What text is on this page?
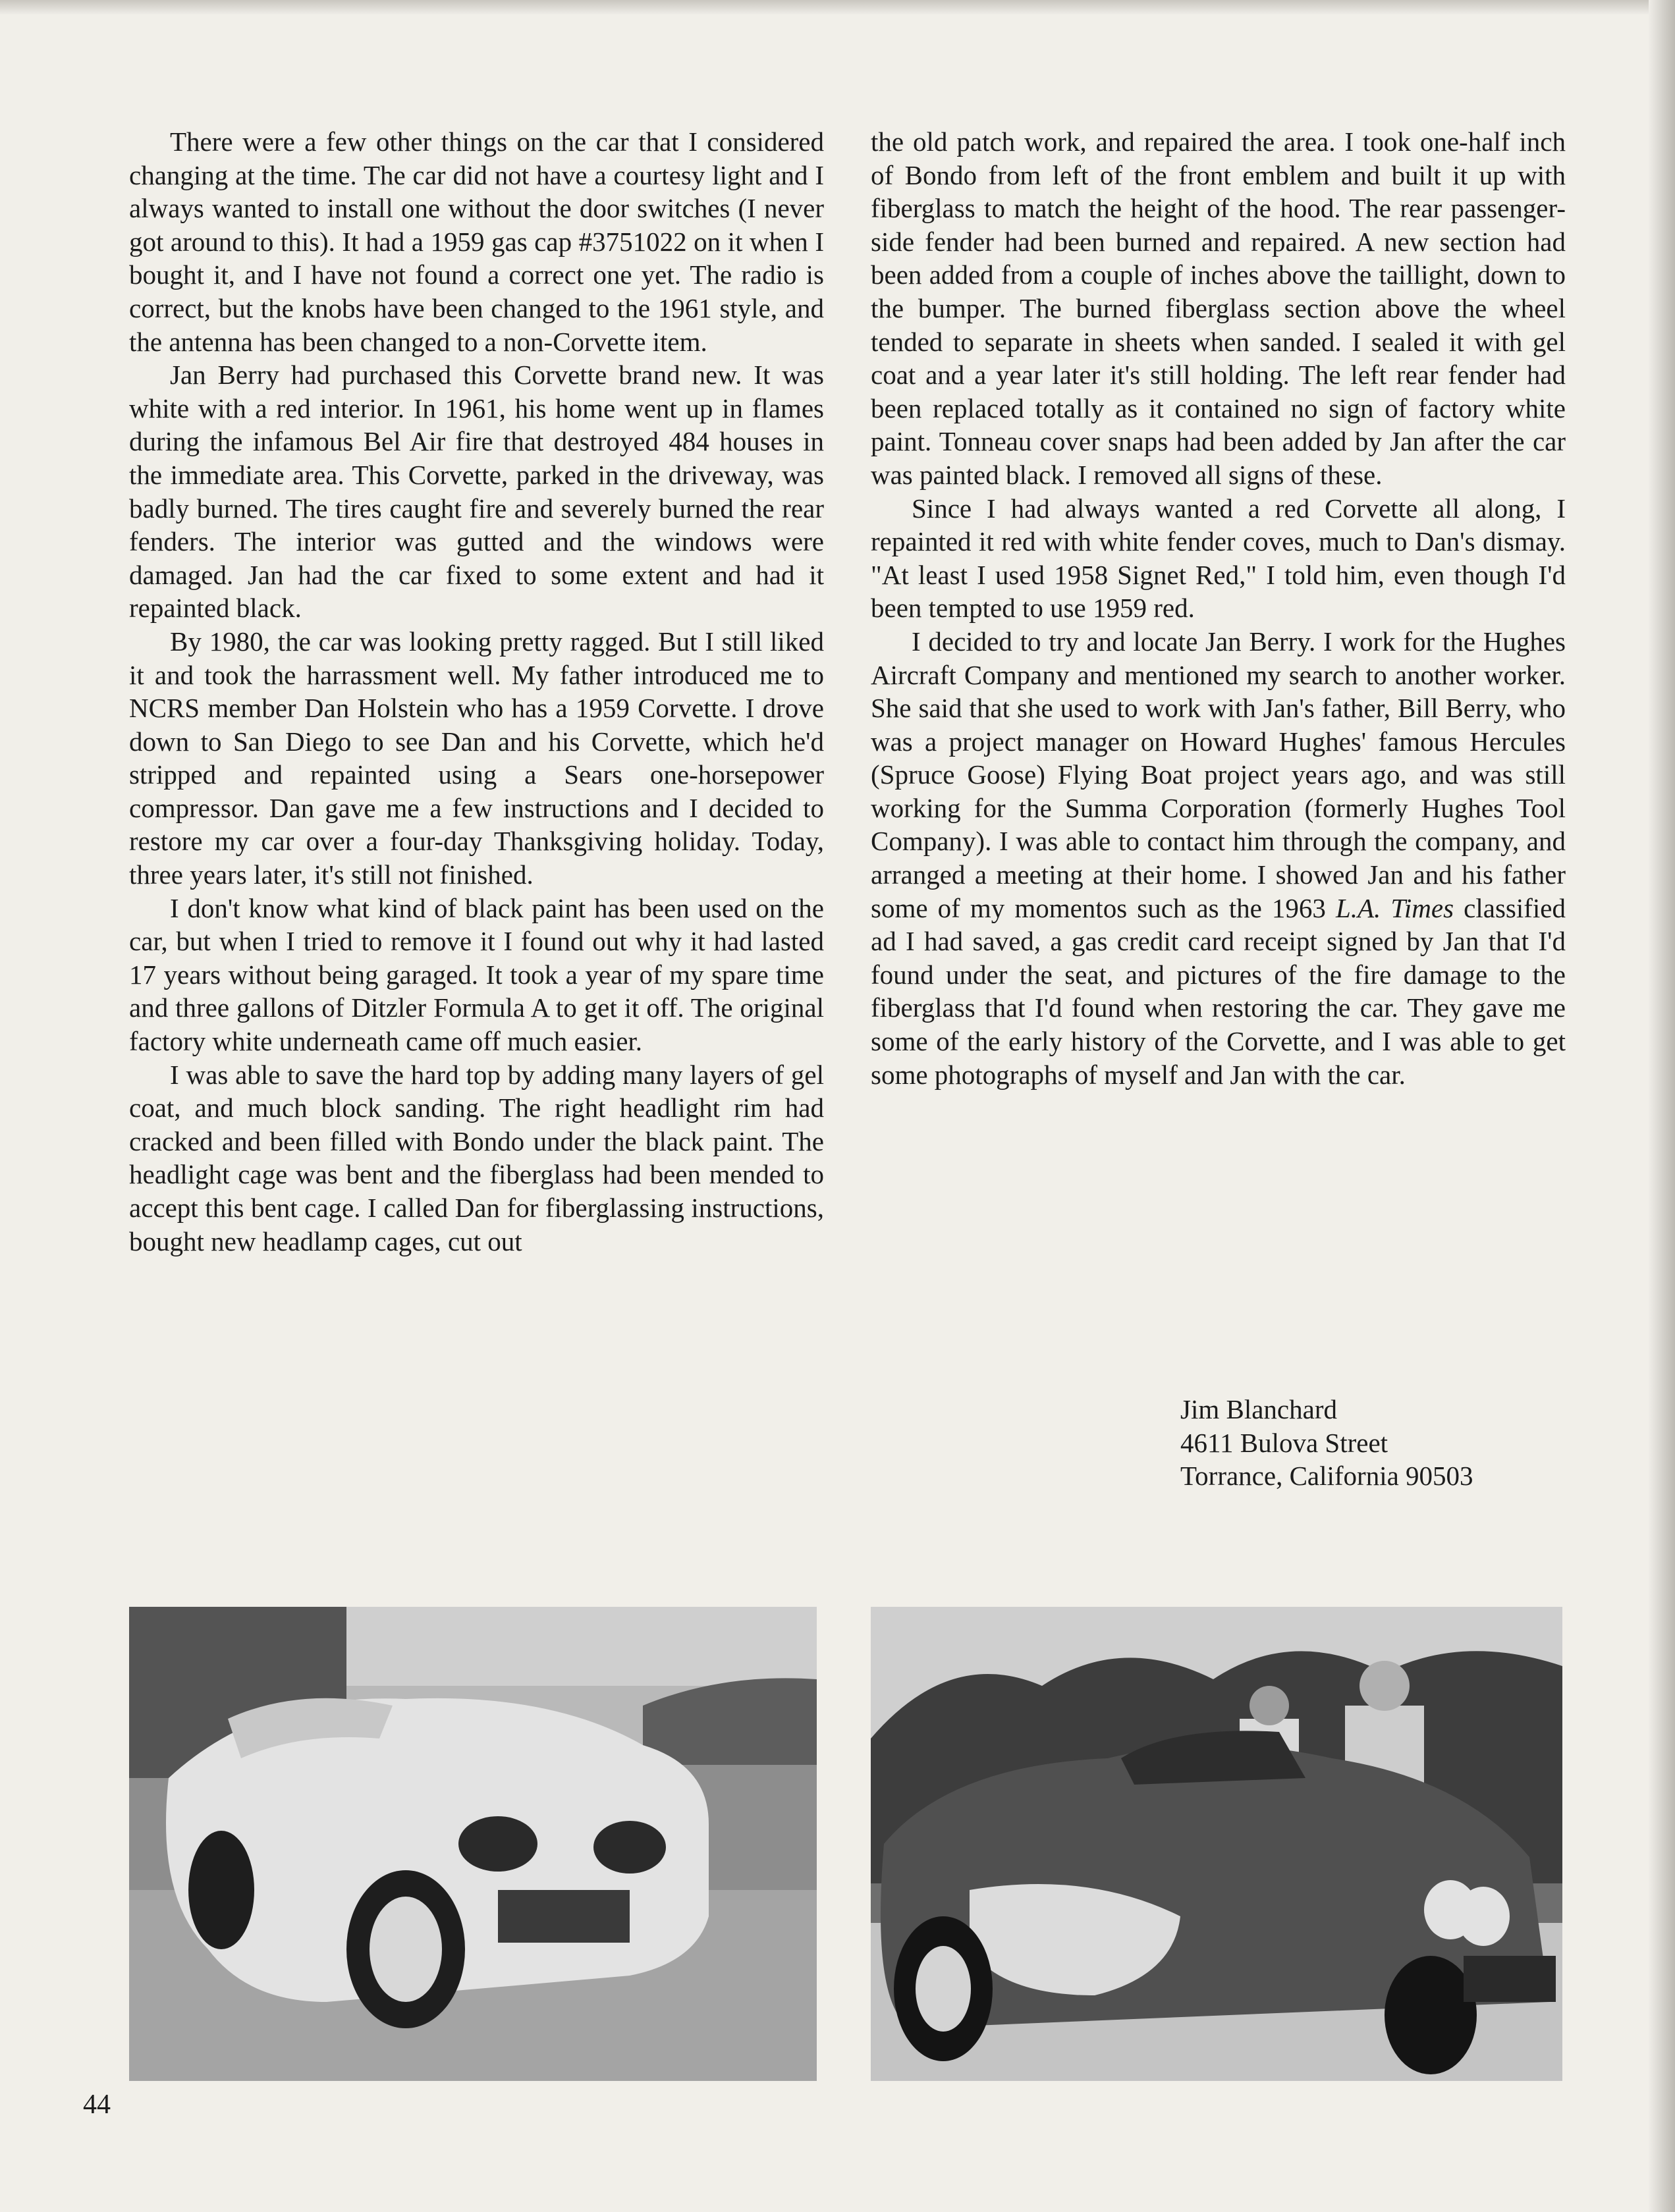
There were a few other things on the car that I considered changing at the time. The car did not have a courtesy light and I always wanted to install one without the door switches (I never got around to this). It had a 1959 gas cap #3751022 on it when I bought it, and I have not found a correct one yet. The radio is correct, but the knobs have been changed to the 1961 style, and the antenna has been changed to a non-Corvette item.

Jan Berry had purchased this Corvette brand new. It was white with a red interior. In 1961, his home went up in flames during the infamous Bel Air fire that destroyed 484 houses in the immediate area. This Corvette, parked in the driveway, was badly burned. The tires caught fire and severely burned the rear fenders. The interior was gutted and the windows were damaged. Jan had the car fixed to some extent and had it repainted black.

By 1980, the car was looking pretty ragged. But I still liked it and took the harrassment well. My father introduced me to NCRS member Dan Holstein who has a 1959 Corvette. I drove down to San Diego to see Dan and his Corvette, which he'd stripped and repainted using a Sears one-horsepower compressor. Dan gave me a few instructions and I decided to restore my car over a four-day Thanksgiving holiday. Today, three years later, it's still not finished.

I don't know what kind of black paint has been used on the car, but when I tried to remove it I found out why it had lasted 17 years without being garaged. It took a year of my spare time and three gallons of Ditzler Formula A to get it off. The original factory white underneath came off much easier.

I was able to save the hard top by adding many layers of gel coat, and much block sanding. The right headlight rim had cracked and been filled with Bondo under the black paint. The headlight cage was bent and the fiberglass had been mended to accept this bent cage. I called Dan for fiberglassing instructions, bought new headlamp cages, cut out

the old patch work, and repaired the area. I took one-half inch of Bondo from left of the front emblem and built it up with fiberglass to match the height of the hood. The rear passenger-side fender had been burned and repaired. A new section had been added from a couple of inches above the taillight, down to the bumper. The burned fiberglass section above the wheel tended to separate in sheets when sanded. I sealed it with gel coat and a year later it's still holding. The left rear fender had been replaced totally as it contained no sign of factory white paint. Tonneau cover snaps had been added by Jan after the car was painted black. I removed all signs of these.

Since I had always wanted a red Corvette all along, I repainted it red with white fender coves, much to Dan's dismay. "At least I used 1958 Signet Red," I told him, even though I'd been tempted to use 1959 red.

I decided to try and locate Jan Berry. I work for the Hughes Aircraft Company and mentioned my search to another worker. She said that she used to work with Jan's father, Bill Berry, who was a project manager on Howard Hughes' famous Hercules (Spruce Goose) Flying Boat project years ago, and was still working for the Summa Corporation (formerly Hughes Tool Company). I was able to contact him through the company, and arranged a meeting at their home. I showed Jan and his father some of my momentos such as the 1963 L.A. Times classified ad I had saved, a gas credit card receipt signed by Jan that I'd found under the seat, and pictures of the fire damage to the fiberglass that I'd found when restoring the car. They gave me some of the early history of the Corvette, and I was able to get some photographs of myself and Jan with the car.

Jim Blanchard
4611 Bulova Street
Torrance, California 90503
44
